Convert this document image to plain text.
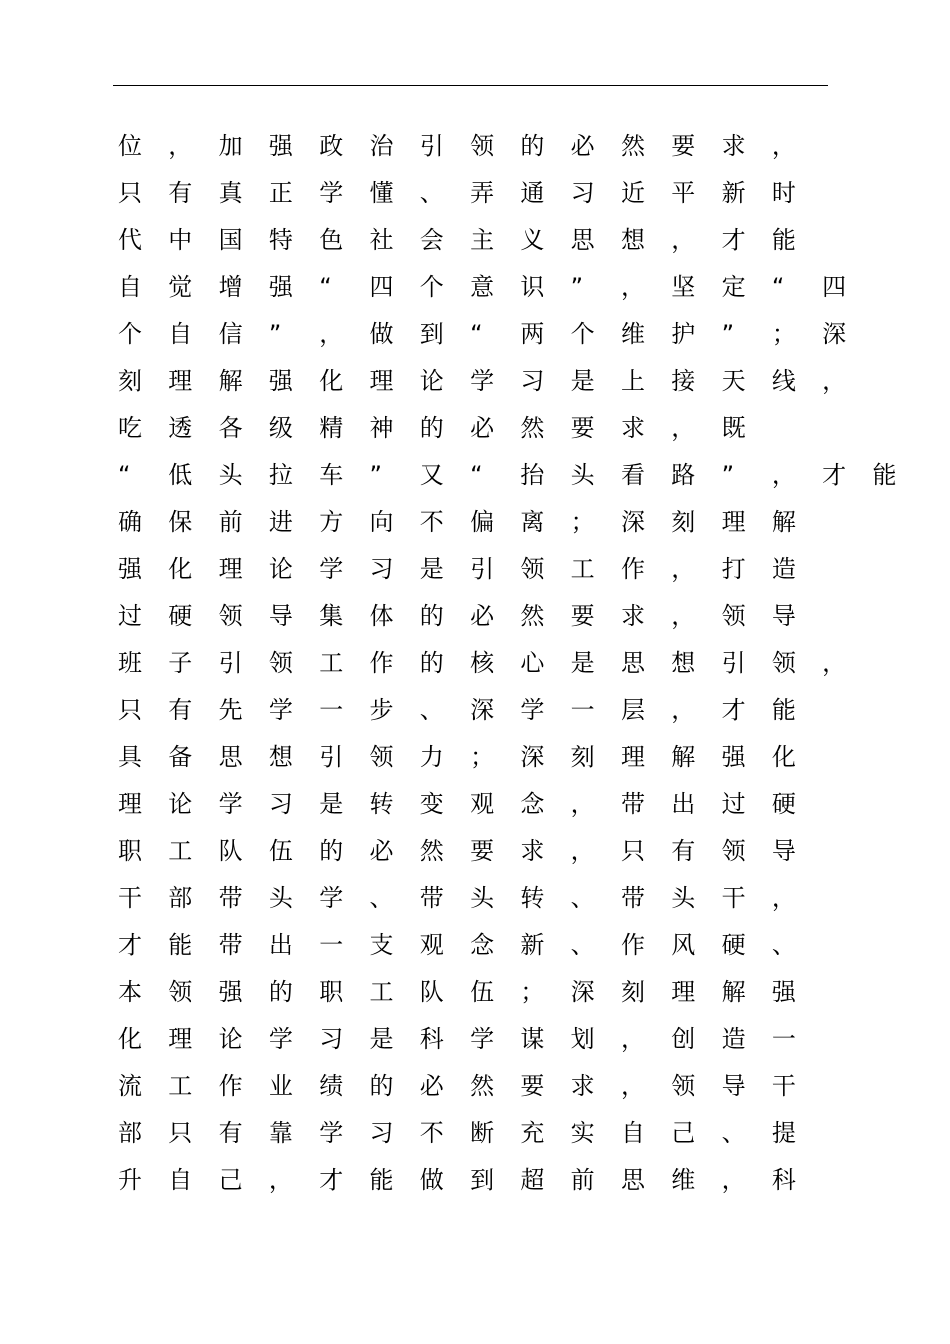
位	，	加	强	政	治	引	领	的	必	然	要	求	，
只	有	真	正	学	懂	、	弄	通	习	近	平	新	时
代	中	国	特	色	社	会	主	义	思	想	，	才	能
自	觉	增	强	“	四	个	意	识	”	，	坚	定	“	四
个	自	信	”	，	做	到	“	两	个	维	护	”	；	深
刻	理	解	强	化	理	论	学	习	是	上	接	天	线	，
吃	透	各	级	精	神	的	必	然	要	求	，	既
“	低	头	拉	车	”	又	“	抬	头	看	路	”	，	才	能
确	保	前	进	方	向	不	偏	离	；	深	刻	理	解
强	化	理	论	学	习	是	引	领	工	作	，	打	造
过	硬	领	导	集	体	的	必	然	要	求	，	领	导
班	子	引	领	工	作	的	核	心	是	思	想	引	领	，
只	有	先	学	一	步	、	深	学	一	层	，	才	能
具	备	思	想	引	领	力	；	深	刻	理	解	强	化
理	论	学	习	是	转	变	观	念	，	带	出	过	硬
职	工	队	伍	的	必	然	要	求	，	只	有	领	导
干	部	带	头	学	、	带	头	转	、	带	头	干	，
才	能	带	出	一	支	观	念	新	、	作	风	硬	、
本	领	强	的	职	工	队	伍	；	深	刻	理	解	强
化	理	论	学	习	是	科	学	谋	划	，	创	造	一
流	工	作	业	绩	的	必	然	要	求	，	领	导	干
部	只	有	靠	学	习	不	断	充	实	自	己	、	提
升	自	己	，	才	能	做	到	超	前	思	维	，	科
